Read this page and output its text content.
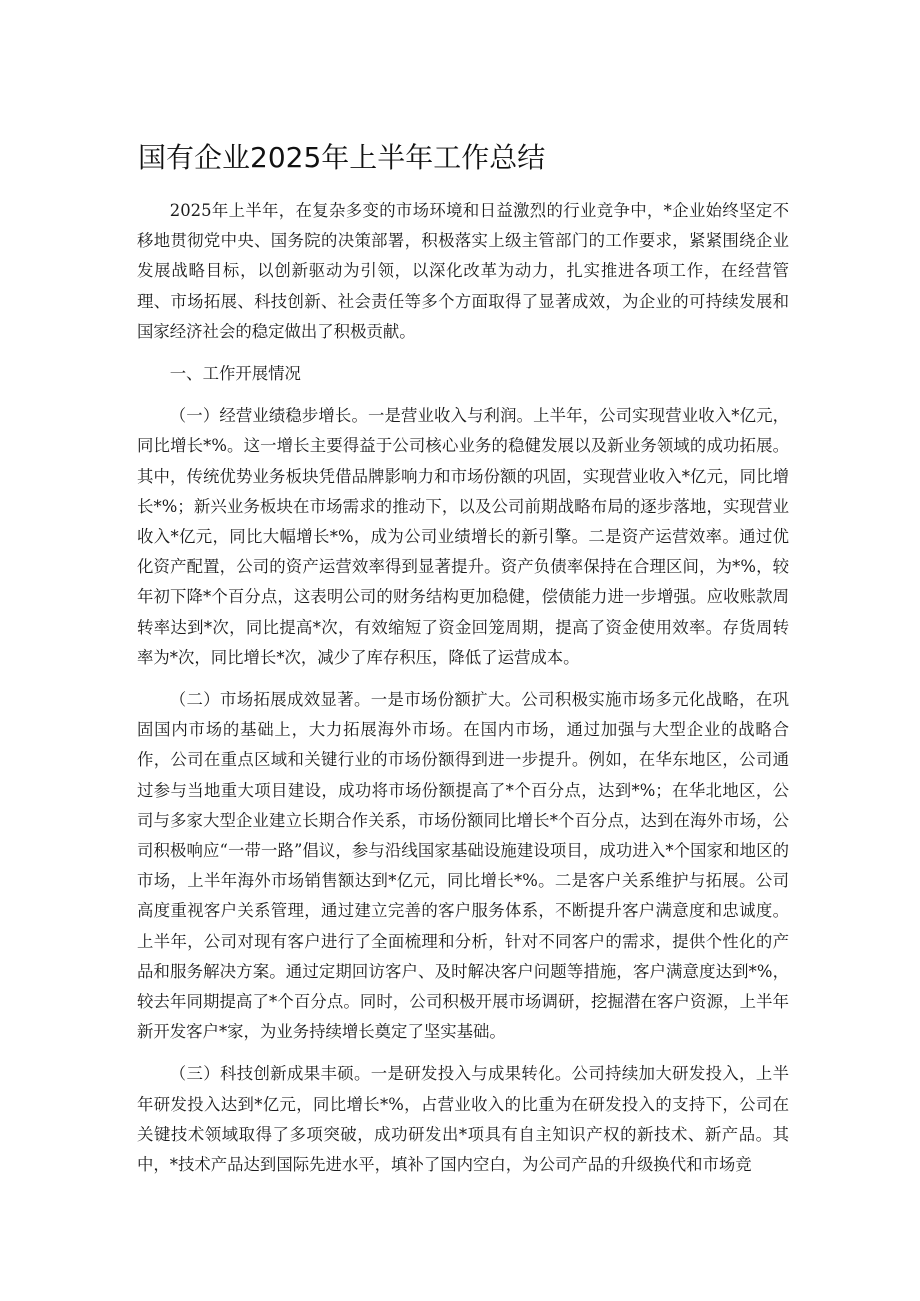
国有企业2025年上半年工作总结

2025年上半年，在复杂多变的市场环境和日益激烈的行业竞争中，*企业始终坚定不移地贯彻党中央、国务院的决策部署，积极落实上级主管部门的工作要求，紧紧围绕企业发展战略目标，以创新驱动为引领，以深化改革为动力，扎实推进各项工作，在经营管理、市场拓展、科技创新、社会责任等多个方面取得了显著成效，为企业的可持续发展和国家经济社会的稳定做出了积极贡献。

一、工作开展情况

（一）经营业绩稳步增长。一是营业收入与利润。上半年，公司实现营业收入*亿元，同比增长*%。这一增长主要得益于公司核心业务的稳健发展以及新业务领域的成功拓展。其中，传统优势业务板块凭借品牌影响力和市场份额的巩固，实现营业收入*亿元，同比增长*%；新兴业务板块在市场需求的推动下，以及公司前期战略布局的逐步落地，实现营业收入*亿元，同比大幅增长*%，成为公司业绩增长的新引擎。二是资产运营效率。通过优化资产配置，公司的资产运营效率得到显著提升。资产负债率保持在合理区间，为*%，较年初下降*个百分点，这表明公司的财务结构更加稳健，偿债能力进一步增强。应收账款周转率达到*次，同比提高*次，有效缩短了资金回笼周期，提高了资金使用效率。存货周转率为*次，同比增长*次，减少了库存积压，降低了运营成本。

（二）市场拓展成效显著。一是市场份额扩大。公司积极实施市场多元化战略，在巩固国内市场的基础上，大力拓展海外市场。在国内市场，通过加强与大型企业的战略合作，公司在重点区域和关键行业的市场份额得到进一步提升。例如，在华东地区，公司通过参与当地重大项目建设，成功将市场份额提高了*个百分点，达到*%；在华北地区，公司与多家大型企业建立长期合作关系，市场份额同比增长*个百分点，达到在海外市场，公司积极响应“一带一路”倡议，参与沿线国家基础设施建设项目，成功进入*个国家和地区的市场，上半年海外市场销售额达到*亿元，同比增长*%。二是客户关系维护与拓展。公司高度重视客户关系管理，通过建立完善的客户服务体系，不断提升客户满意度和忠诚度。上半年，公司对现有客户进行了全面梳理和分析，针对不同客户的需求，提供个性化的产品和服务解决方案。通过定期回访客户、及时解决客户问题等措施，客户满意度达到*%，较去年同期提高了*个百分点。同时，公司积极开展市场调研，挖掘潜在客户资源，上半年新开发客户*家，为业务持续增长奠定了坚实基础。

（三）科技创新成果丰硕。一是研发投入与成果转化。公司持续加大研发投入，上半年研发投入达到*亿元，同比增长*%，占营业收入的比重为在研发投入的支持下，公司在关键技术领域取得了多项突破，成功研发出*项具有自主知识产权的新技术、新产品。其中，*技术产品达到国际先进水平，填补了国内空白，为公司产品的升级换代和市场竞
